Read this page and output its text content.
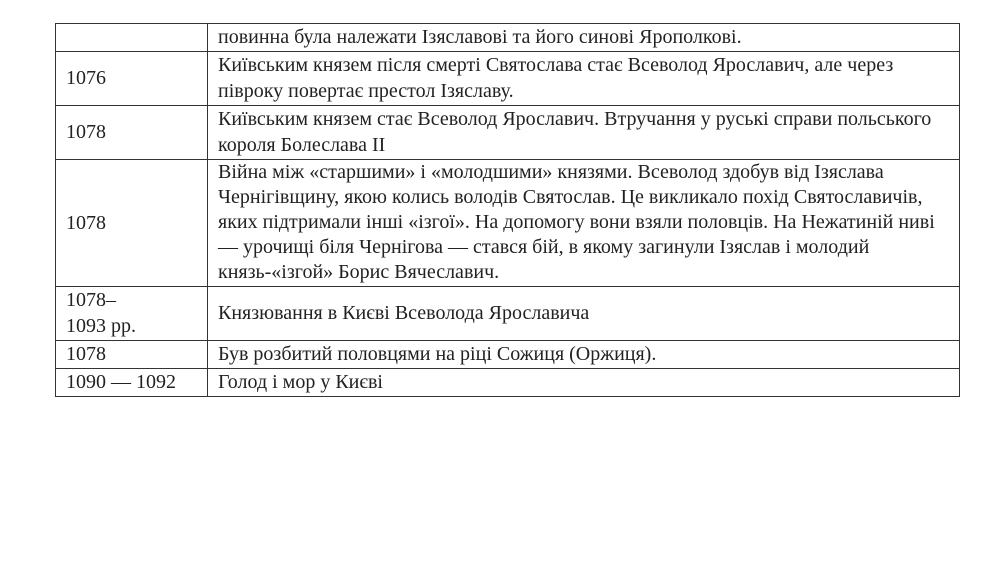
	повинна була належати Ізяславові та його синові Ярополкові.

1076	Київським князем після смерті Святослава стає Всеволод Ярославич, але через півроку повертає престол Ізяславу.

1078	Київським князем стає Всеволод Ярославич. Втручання у руські справи польського короля Болеслава II

1078	Війна між «старшими» і «молодшими» князями. Всеволод здобув від Ізяслава Чернігівщину, якою колись володів Святослав. Це викликало похід Святославичів, яких підтримали інші «ізгої». На допомогу вони взяли половців. На Нежатиній ниві — урочищі біля Чернігова — стався бій, в якому загинули Ізяслав і молодий князь-«ізгой» Борис Вячеславич.

1078–
1093 рр.	Князювання в Києві Всеволода Ярославича

1078	Був розбитий половцями на ріці Сожиця (Оржиця).

1090 — 1092	Голод і мор у Києві
